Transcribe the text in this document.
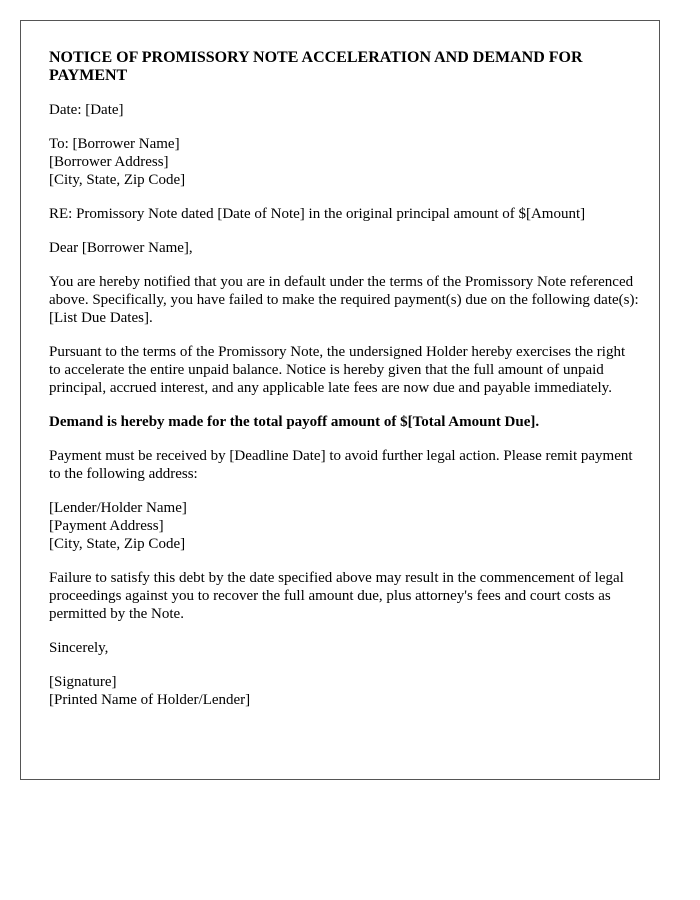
NOTICE OF PROMISSORY NOTE ACCELERATION AND DEMAND FOR PAYMENT

Date: [Date]

To: [Borrower Name]
[Borrower Address]
[City, State, Zip Code]

RE: Promissory Note dated [Date of Note] in the original principal amount of $[Amount]

Dear [Borrower Name],

You are hereby notified that you are in default under the terms of the Promissory Note referenced above. Specifically, you have failed to make the required payment(s) due on the following date(s): [List Due Dates].

Pursuant to the terms of the Promissory Note, the undersigned Holder hereby exercises the right to accelerate the entire unpaid balance. Notice is hereby given that the full amount of unpaid principal, accrued interest, and any applicable late fees are now due and payable immediately.

Demand is hereby made for the total payoff amount of $[Total Amount Due].

Payment must be received by [Deadline Date] to avoid further legal action. Please remit payment to the following address:

[Lender/Holder Name]
[Payment Address]
[City, State, Zip Code]

Failure to satisfy this debt by the date specified above may result in the commencement of legal proceedings against you to recover the full amount due, plus attorney's fees and court costs as permitted by the Note.

Sincerely,

[Signature]
[Printed Name of Holder/Lender]
